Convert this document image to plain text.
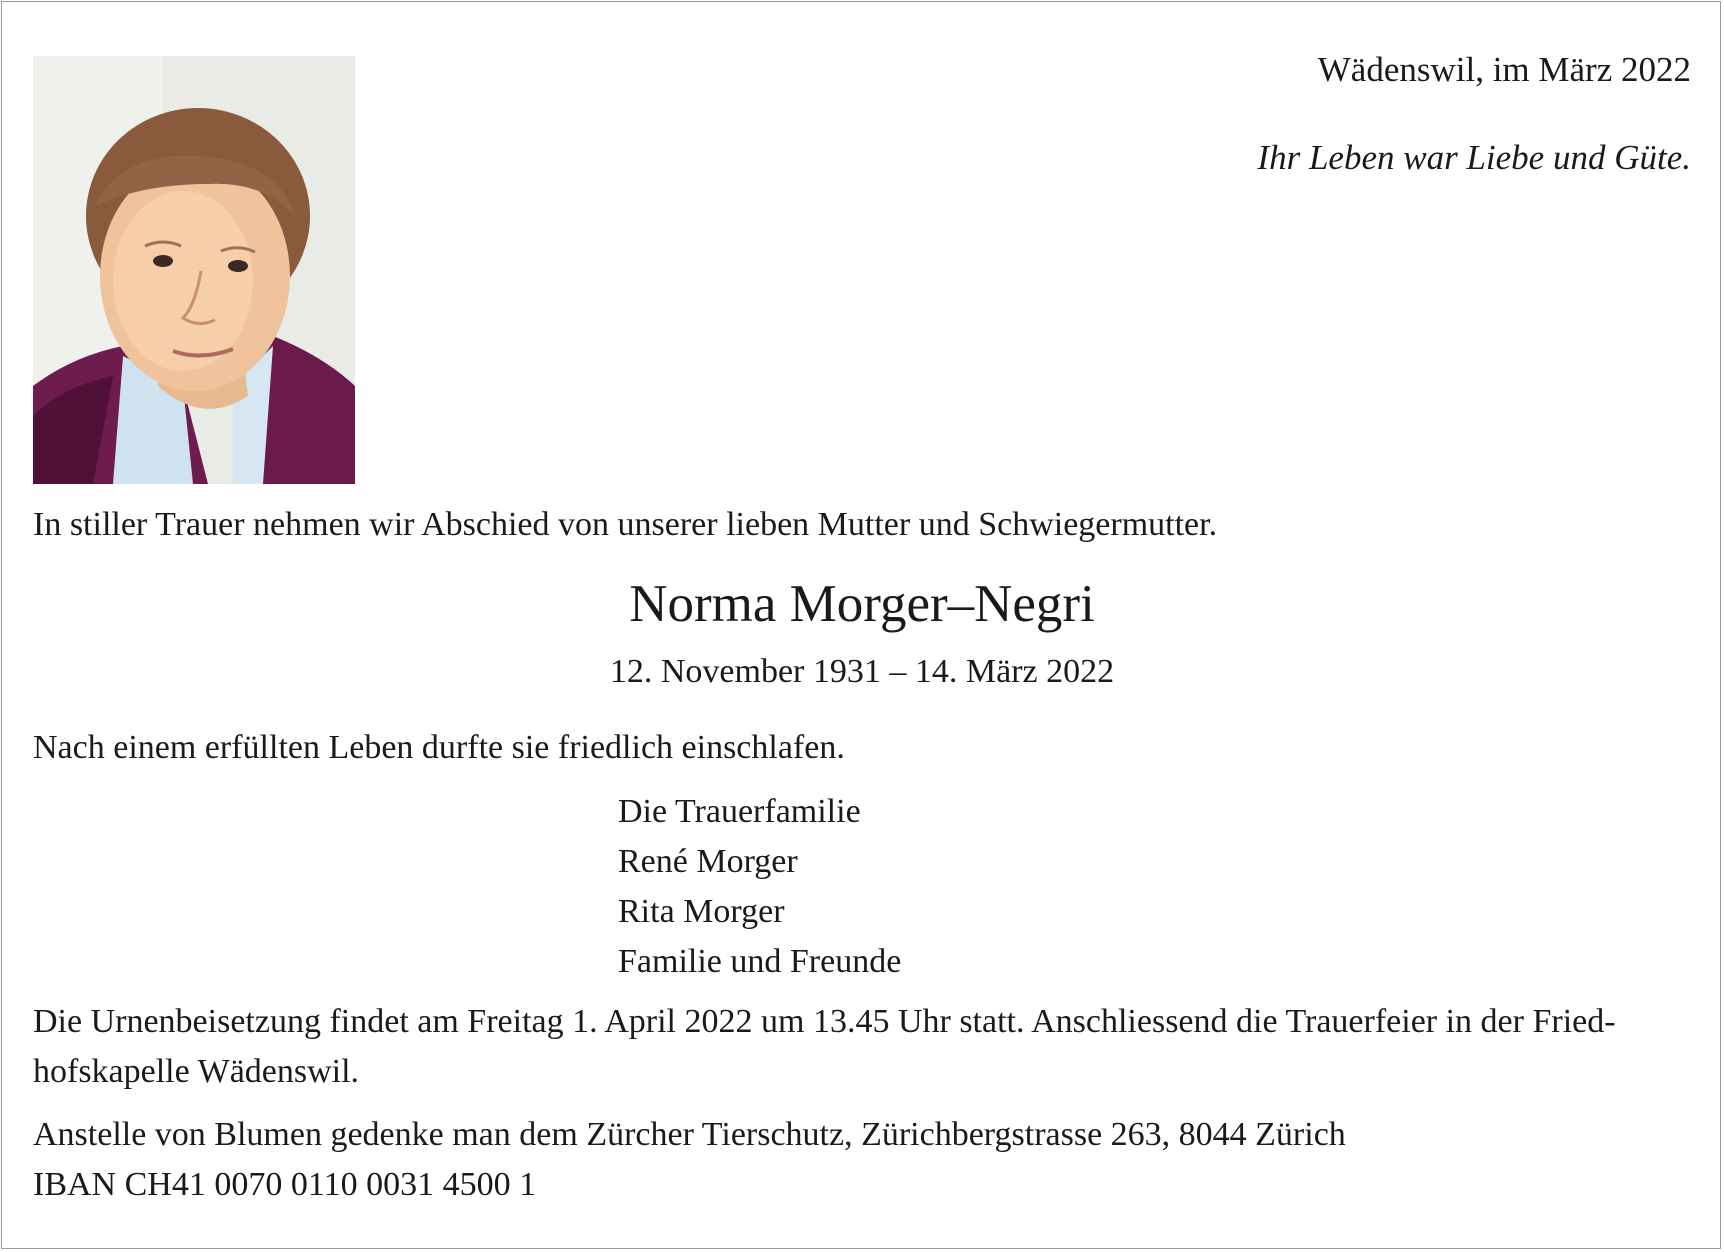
Wädenswil, im März 2022
Ihr Leben war Liebe und Güte.
In stiller Trauer nehmen wir Abschied von unserer lieben Mutter und Schwiegermutter.
Norma Morger–Negri
12. November 1931 – 14. März 2022
Nach einem erfüllten Leben durfte sie friedlich einschlafen.
Die Trauerfamilie
René Morger
Rita Morger
Familie und Freunde
Die Urnenbeisetzung findet am Freitag 1. April 2022 um 13.45 Uhr statt. Anschliessend die Trauerfeier in der Fried-
hofskapelle Wädenswil.
Anstelle von Blumen gedenke man dem Zürcher Tierschutz, Zürichbergstrasse 263, 8044 Zürich
IBAN CH41 0070 0110 0031 4500 1
